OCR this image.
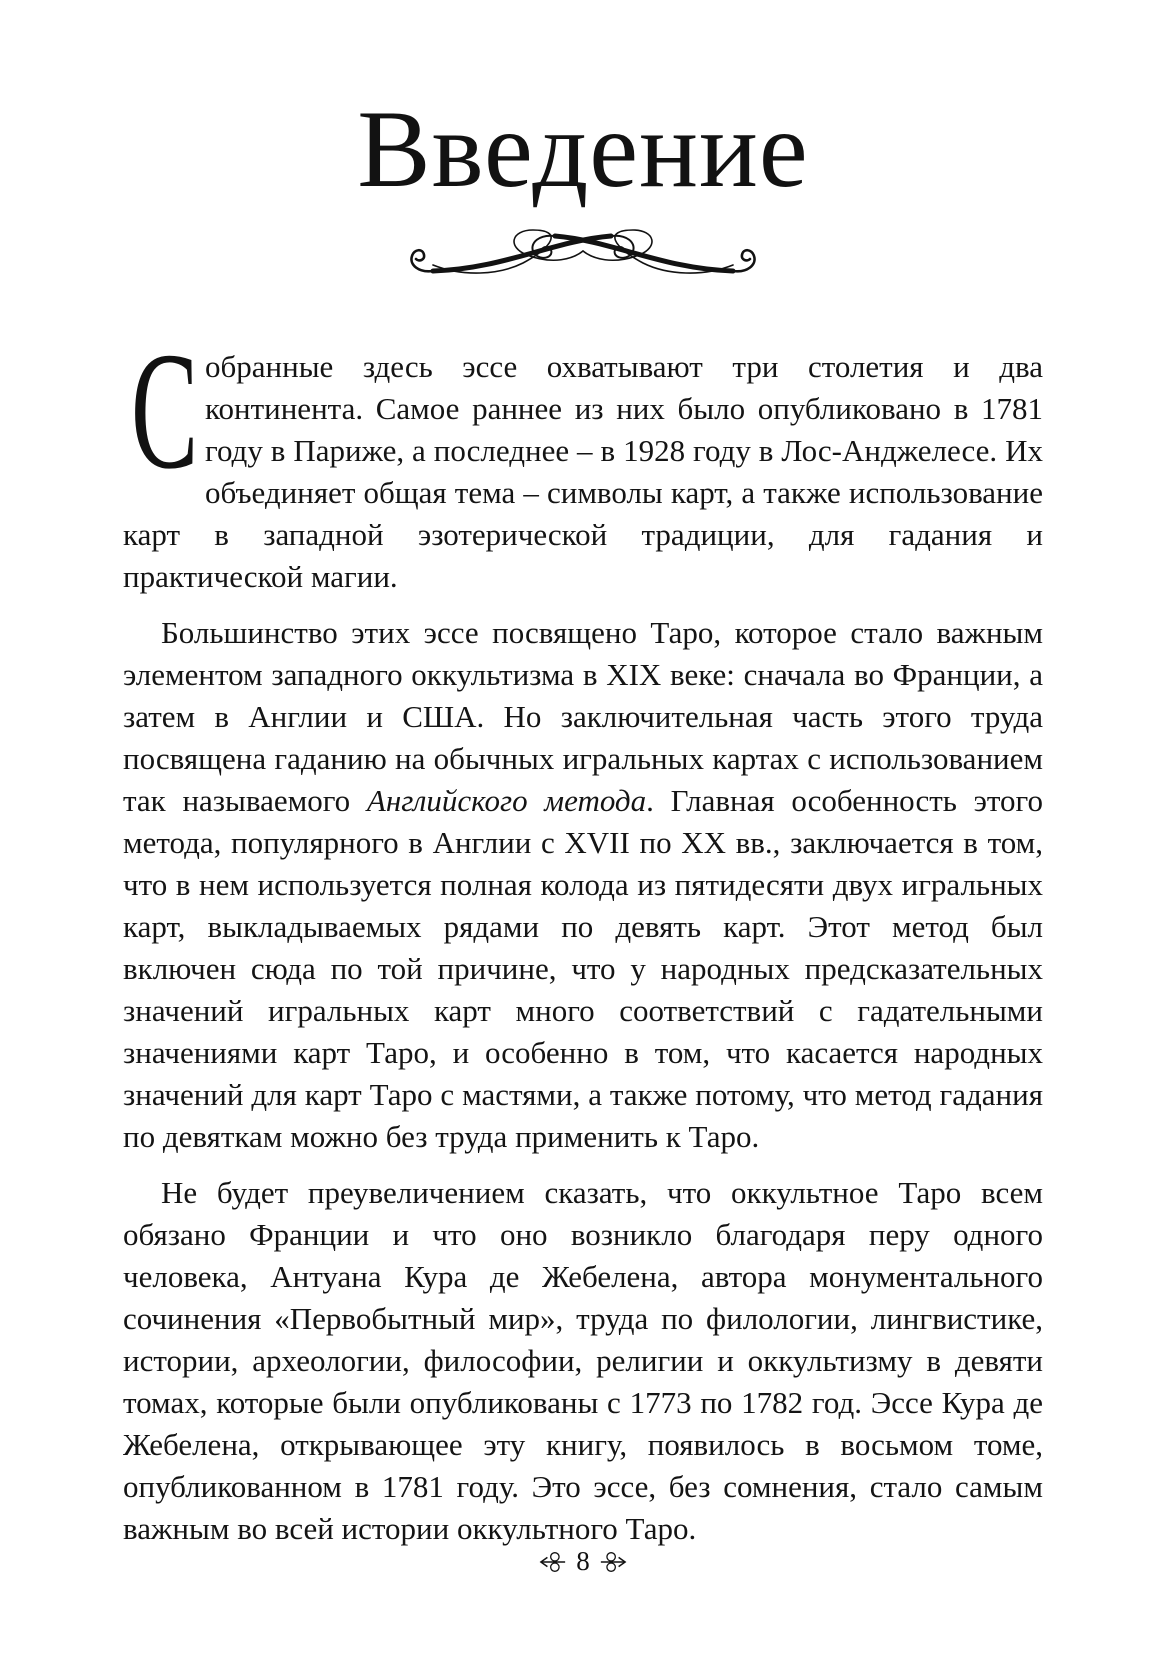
Введение

С обранные здесь эссе охватывают три столетия и два континента. Самое раннее из них было опубликовано в 1781 году в Париже, а последнее – в 1928 году в Лос-Анджелесе. Их объединяет общая тема – символы карт, а также использование карт в западной эзотерической традиции, для гадания и практической магии.

Большинство этих эссе посвящено Таро, которое стало важным элементом западного оккультизма в XIX веке: сначала во Франции, а затем в Англии и США. Но заключительная часть этого труда посвящена гаданию на обычных игральных картах с использованием так называемого Английского метода. Главная особенность этого метода, популярного в Англии с XVII по XX вв., заключается в том, что в нем используется полная колода из пятидесяти двух игральных карт, выкладываемых рядами по девять карт. Этот метод был включен сюда по той причине, что у народных предсказательных значений игральных карт много соответствий с гадательными значениями карт Таро, и особенно в том, что касается народных значений для карт Таро с мастями, а также потому, что метод гадания по девяткам можно без труда применить к Таро.

Не будет преувеличением сказать, что оккультное Таро всем обязано Франции и что оно возникло благодаря перу одного человека, Антуана Кура де Жебелена, автора монументального сочинения «Первобытный мир», труда по филологии, лингвистике, истории, археологии, философии, религии и оккультизму в девяти томах, которые были опубликованы с 1773 по 1782 год. Эссе Кура де Жебелена, открывающее эту книгу, появилось в восьмом томе, опубликованном в 1781 году. Это эссе, без сомнения, стало самым важным во всей истории оккультного Таро.

8
